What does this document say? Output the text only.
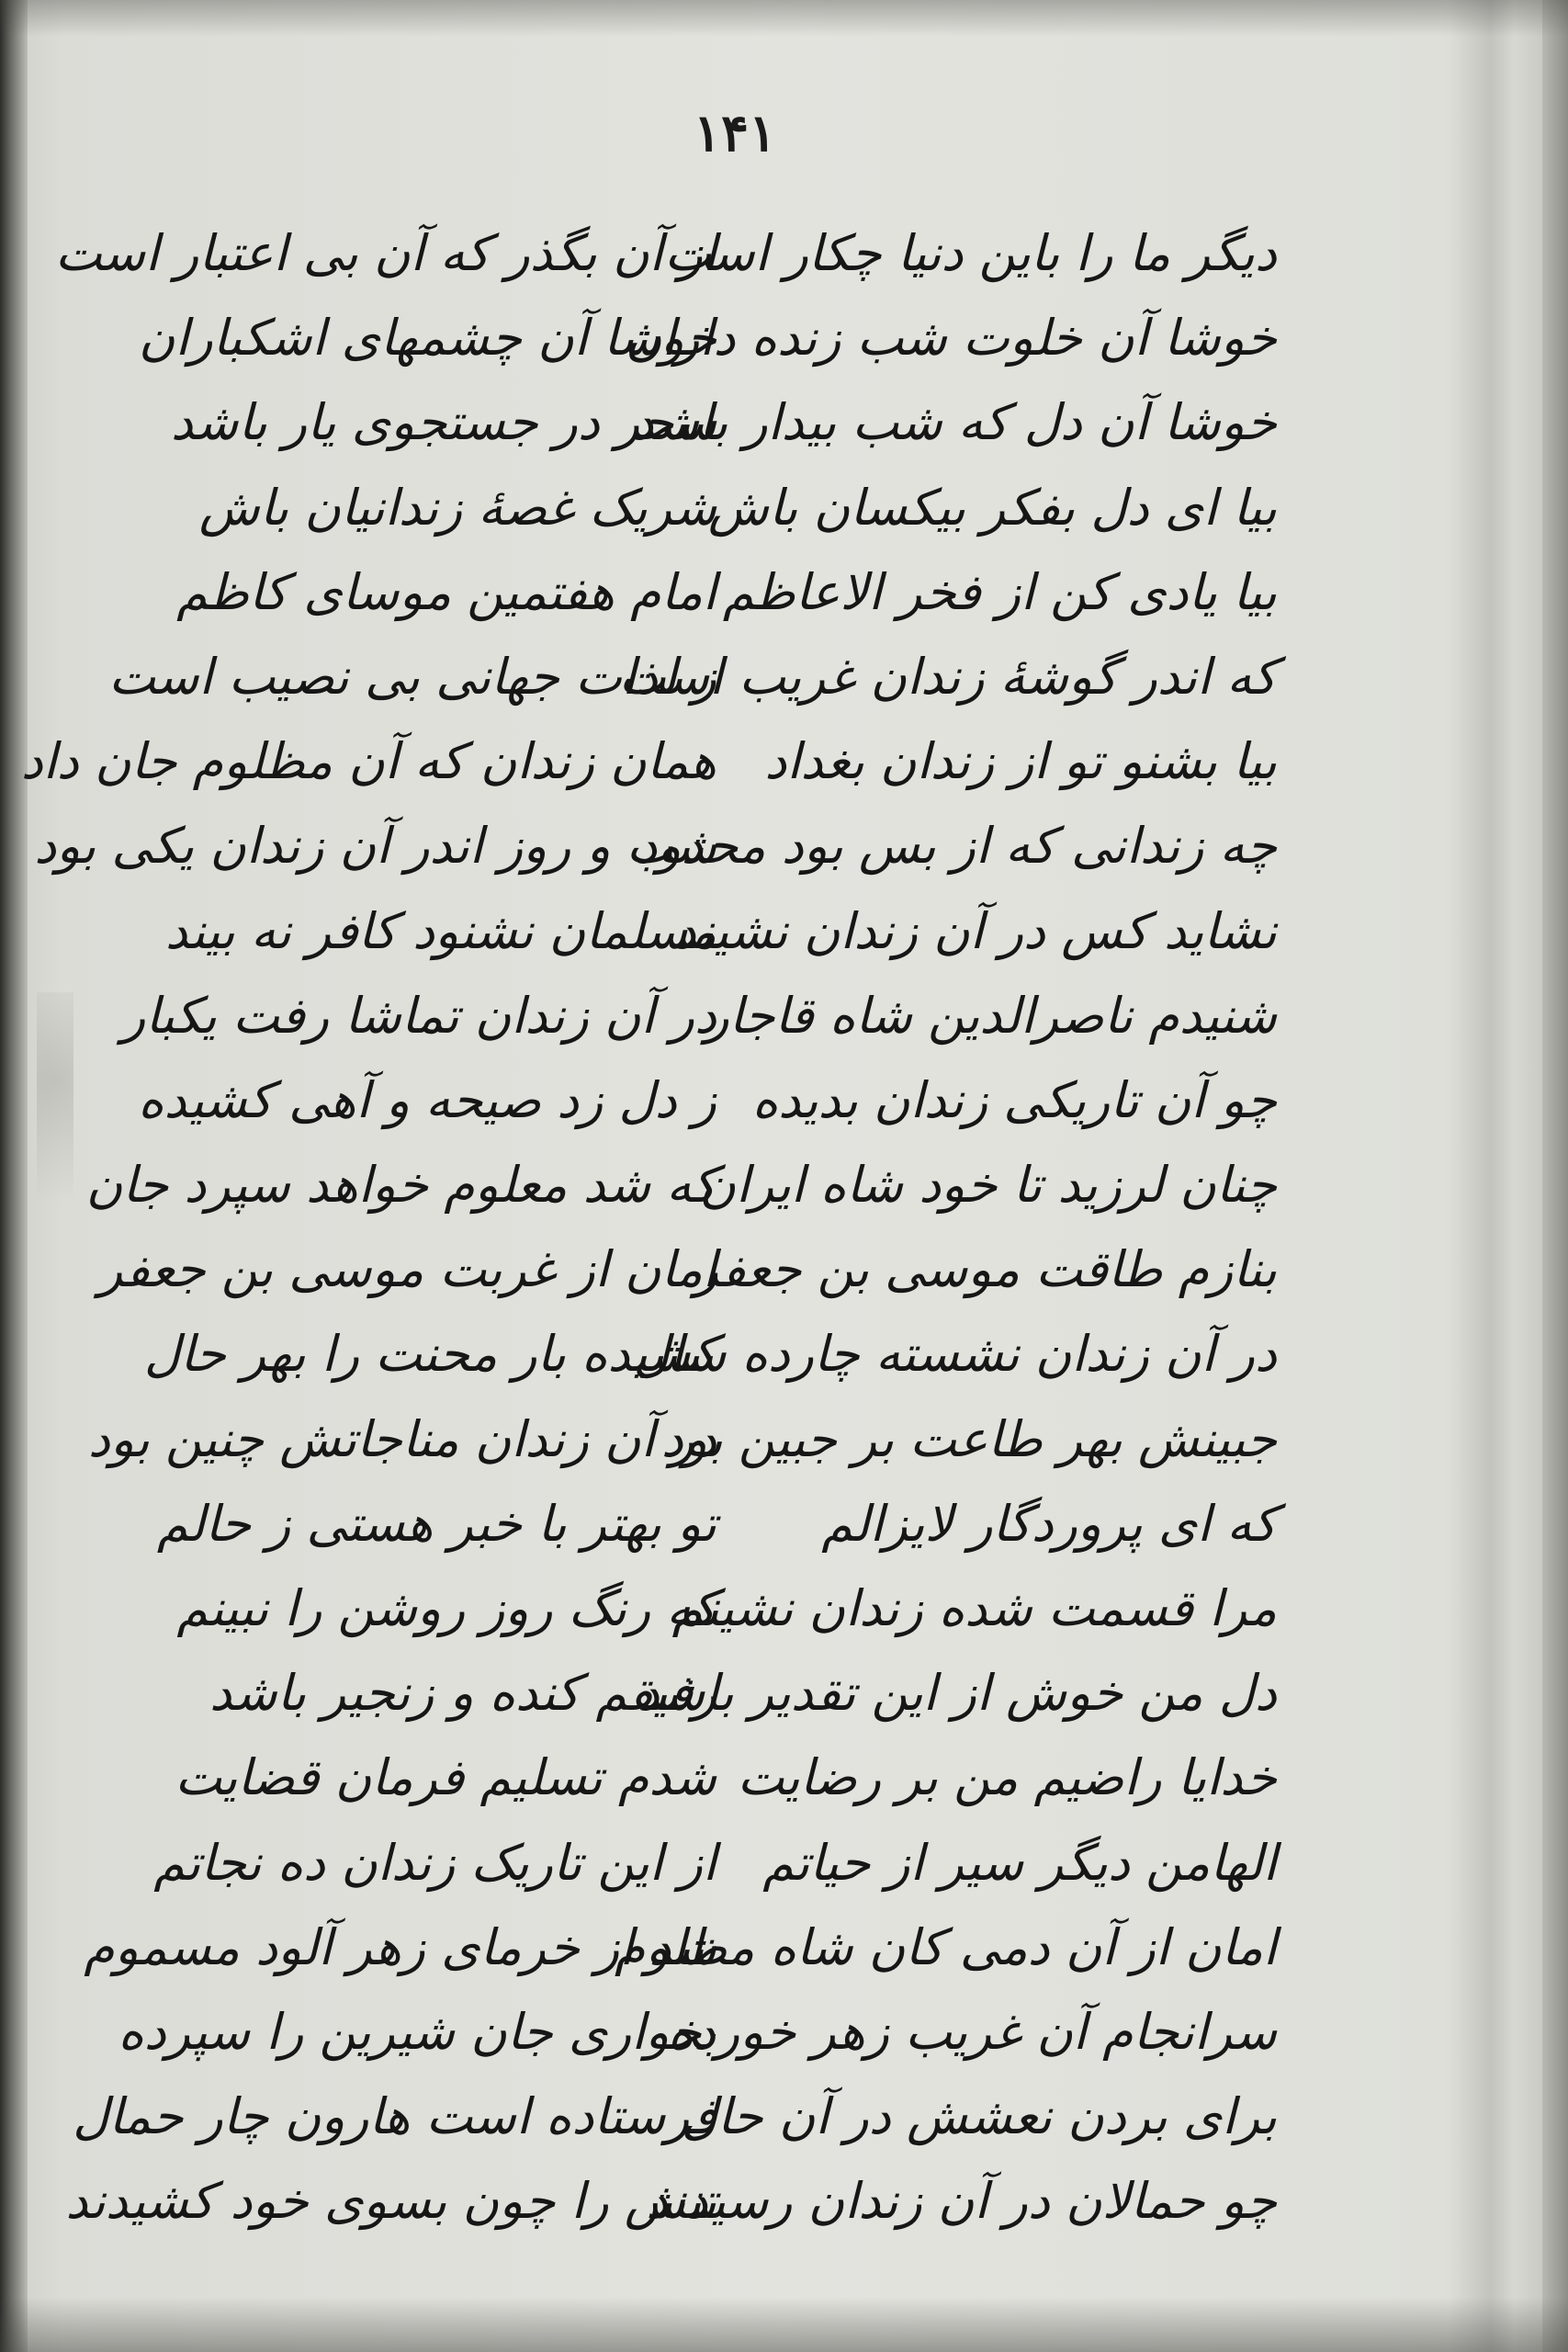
۱۴۱
دیگر ما را باین دنیا چکار است
خوشا آن خلوت شب زنده داران
خوشا آن دل که شب بیدار باشد
بیا ای دل بفکر بیکسان باش
بیا یادی کن از فخر الاعاظم
که اندر گوشهٔ زندان غریب است
بیا بشنو تو از زندان بغداد
چه زندانی که از بس بود محدود
نشاید کس در آن زندان نشیند
شنیدم ناصرالدین شاه قاجار
چو آن تاریکی زندان بدیده
چنان لرزید تا خود شاه ایران
بنازم طاقت موسی بن جعفر
در آن زندان نشسته چارده سال
جبینش بهر طاعت بر جبین بود
که ای پروردگار لایزالم
مرا قسمت شده زندان نشینم
دل من خوش از این تقدیر باشد
خدایا راضیم من بر رضایت
الهامن دیگر سیر از حیاتم
امان از آن دمی کان شاه مظلوم
سرانجام آن غریب زهر خورده
برای بردن نعشش در آن حال
چو حمالان در آن زندان رسیدند
از آن بگذر که آن بی اعتبار است
خوشا آن چشمهای اشکباران
سحر در جستجوی یار باشد
شریک غصهٔ زندانیان باش
امام هفتمین موسای کاظم
ز لذات جهانی بی نصیب است
همان زندان که آن مظلوم جان داد
شب و روز اندر آن زندان یکی بود
مسلمان نشنود کافر نه بیند
در آن زندان تماشا رفت یکبار
ز دل زد صیحه و آهی کشیده
که شد معلوم خواهد سپرد جان
امان از غربت موسی بن جعفر
کشیده بار محنت را بهر حال
در آن زندان مناجاتش چنین بود
تو بهتر با خبر هستی ز حالم
که رنگ روز روشن را نبینم
رفیقم کنده و زنجیر باشد
شدم تسلیم فرمان قضایت
از این تاریک زندان ده نجاتم
شد از خرمای زهر آلود مسموم
بخواری جان شیرین را سپرده
فرستاده است هارون چار حمال
تنش را چون بسوی خود کشیدند
